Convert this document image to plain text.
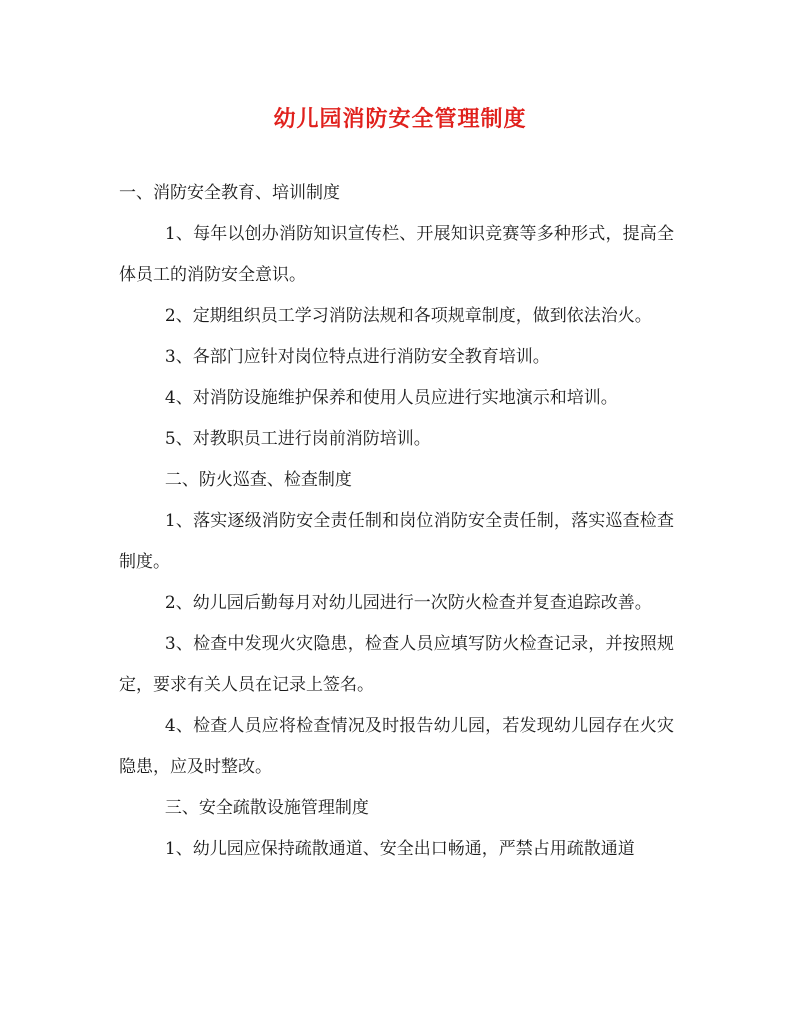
幼儿园消防安全管理制度

一、消防安全教育、培训制度

1、每年以创办消防知识宣传栏、开展知识竞赛等多种形式，提高全体员工的消防安全意识。

2、定期组织员工学习消防法规和各项规章制度，做到依法治火。

3、各部门应针对岗位特点进行消防安全教育培训。

4、对消防设施维护保养和使用人员应进行实地演示和培训。

5、对教职员工进行岗前消防培训。

二、防火巡查、检查制度

1、落实逐级消防安全责任制和岗位消防安全责任制，落实巡查检查制度。

2、幼儿园后勤每月对幼儿园进行一次防火检查并复查追踪改善。

3、检查中发现火灾隐患，检查人员应填写防火检查记录，并按照规定，要求有关人员在记录上签名。

4、检查人员应将检查情况及时报告幼儿园，若发现幼儿园存在火灾隐患，应及时整改。

三、安全疏散设施管理制度

1、幼儿园应保持疏散通道、安全出口畅通，严禁占用疏散通道
